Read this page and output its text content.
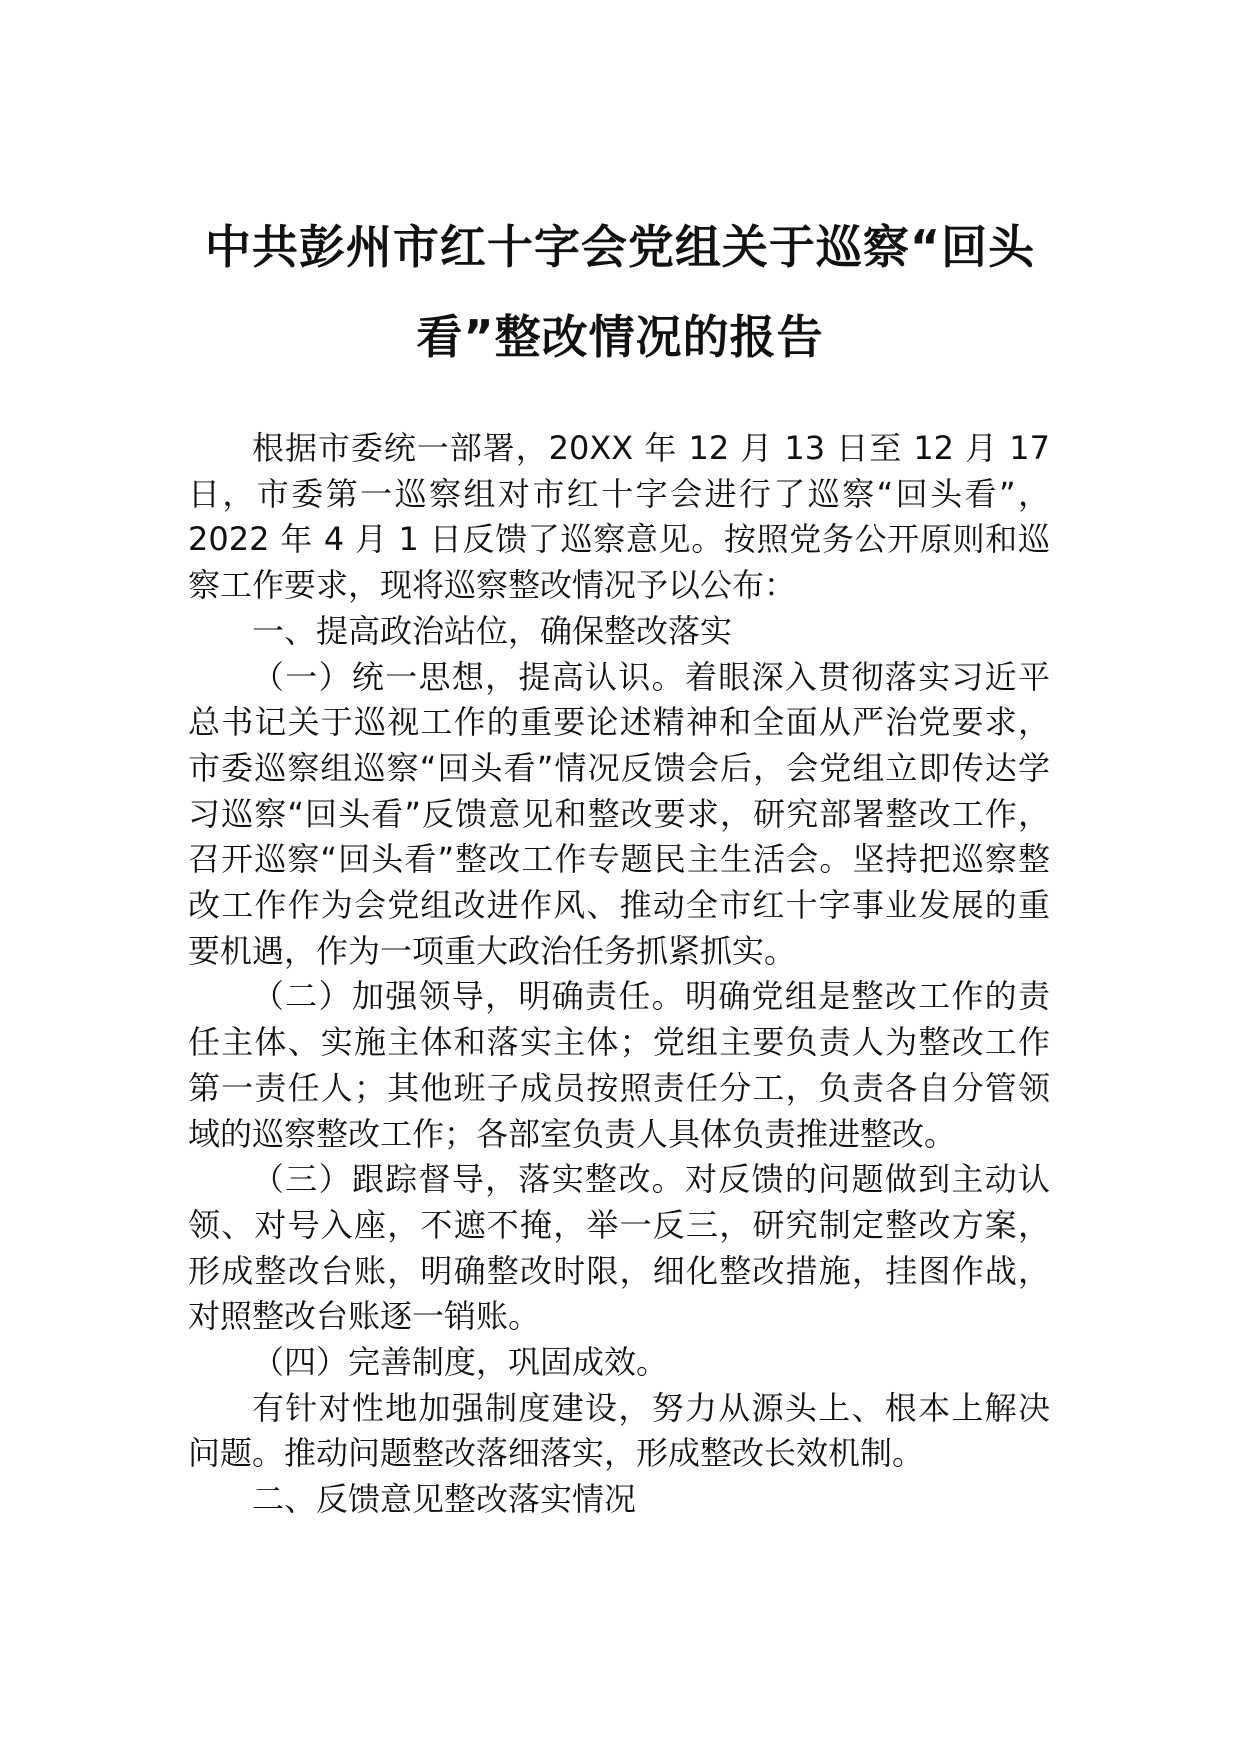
中共彭州市红十字会党组关于巡察“回头
看”整改情况的报告

根据市委统一部署，20XX 年 12 月 13 日至 12 月 17 日，市委第一巡察组对市红十字会进行了巡察“回头看”，2022 年 4 月 1 日反馈了巡察意见。按照党务公开原则和巡察工作要求，现将巡察整改情况予以公布：

一、提高政治站位，确保整改落实

（一）统一思想，提高认识。着眼深入贯彻落实习近平总书记关于巡视工作的重要论述精神和全面从严治党要求，市委巡察组巡察“回头看”情况反馈会后，会党组立即传达学习巡察“回头看”反馈意见和整改要求，研究部署整改工作，召开巡察“回头看”整改工作专题民主生活会。坚持把巡察整改工作作为会党组改进作风、推动全市红十字事业发展的重要机遇，作为一项重大政治任务抓紧抓实。

（二）加强领导，明确责任。明确党组是整改工作的责任主体、实施主体和落实主体；党组主要负责人为整改工作第一责任人；其他班子成员按照责任分工，负责各自分管领域的巡察整改工作；各部室负责人具体负责推进整改。

（三）跟踪督导，落实整改。对反馈的问题做到主动认领、对号入座，不遮不掩，举一反三，研究制定整改方案，形成整改台账，明确整改时限，细化整改措施，挂图作战，对照整改台账逐一销账。

（四）完善制度，巩固成效。

有针对性地加强制度建设，努力从源头上、根本上解决问题。推动问题整改落细落实，形成整改长效机制。

二、反馈意见整改落实情况
